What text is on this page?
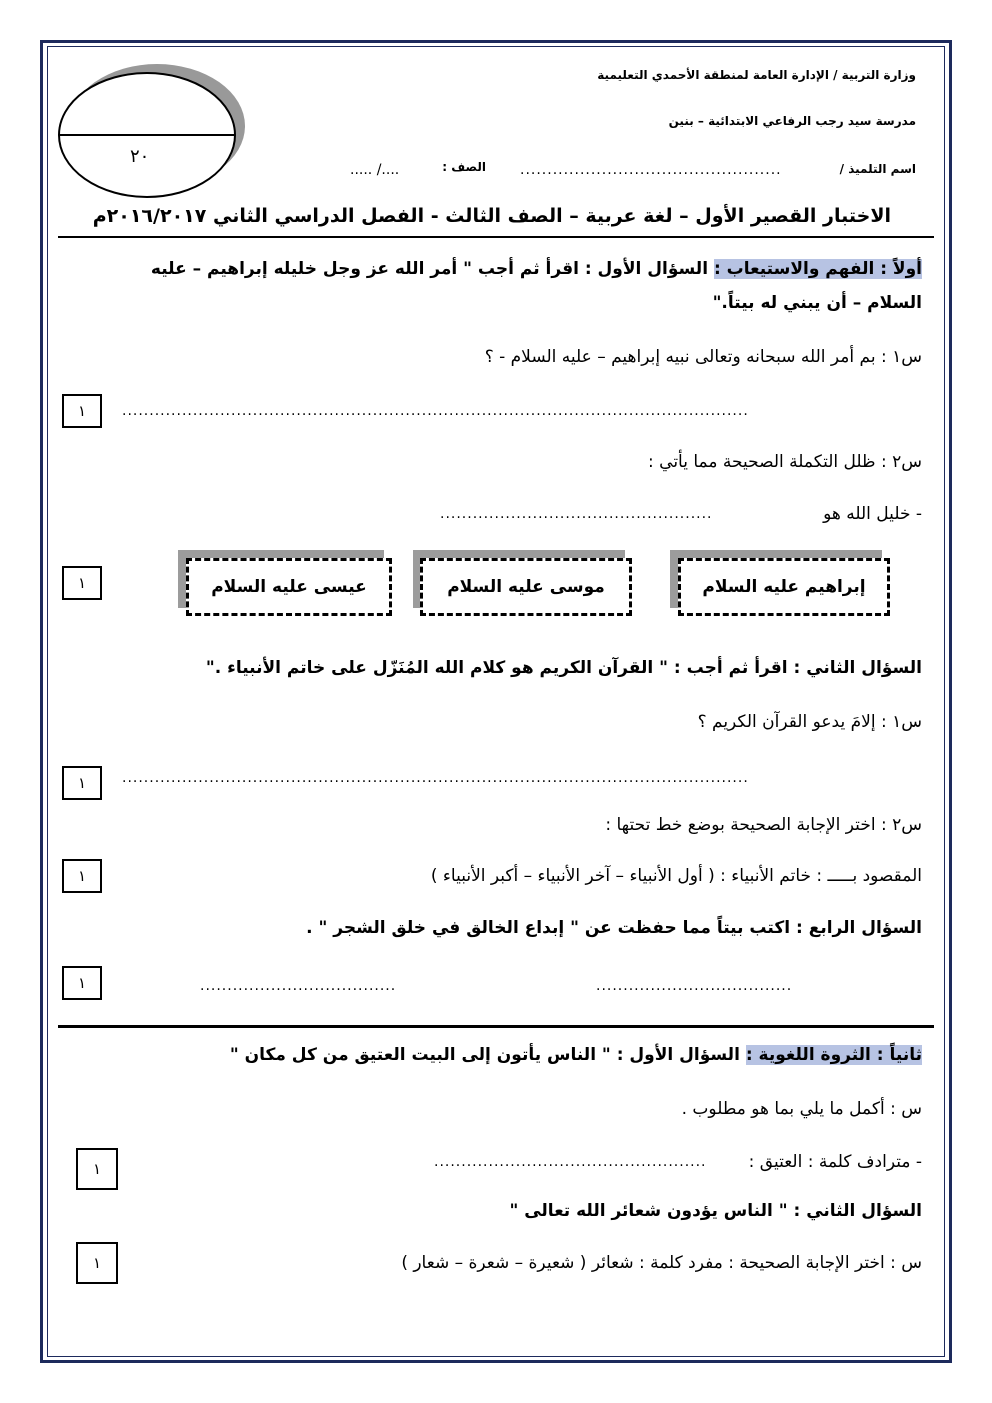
٢٠
وزارة التربية / الإدارة العامة لمنطقة الأحمدي التعليمية
مدرسة سيد رجب الرفاعي الابتدائية – بنين
اسم التلميذ /
................................................
الصف :
..../ .....
الاختبار القصير الأول – لغة عربية – الصف الثالث - الفصل الدراسي الثاني ٢٠١٦/٢٠١٧م
أولاً : الفهم والاستيعاب : السؤال الأول : اقرأ ثم أجب " أمر الله عز وجل خليله إبراهيم – عليه
السلام – أن يبني له بيتاً."
س١ : بم أمر الله سبحانه وتعالى نبيه إبراهيم – عليه السلام - ؟
...................................................................................................................
١
س٢ : ظلل التكملة الصحيحة مما يأتي :
- خليل الله هو
..................................................
إبراهيم عليه السلام
موسى عليه السلام
عيسى عليه السلام
١
السؤال الثاني : اقرأ ثم أجب : " القرآن الكريم هو كلام الله المُنَزّل على خاتم الأنبياء ."
س١ : إلامَ يدعو القرآن الكريم ؟
...................................................................................................................
١
س٢ : اختر الإجابة الصحيحة بوضع خط تحتها :
المقصود بـــــ : خاتم الأنبياء : ( أول الأنبياء – آخر الأنبياء – أكبر الأنبياء )
١
السؤال الرابع : اكتب بيتاً مما حفظت عن " إبداع الخالق في خلق الشجر " .
....................................
....................................
١
ثانياً : الثروة اللغوية : السؤال الأول : " الناس يأتون إلى البيت العتيق من كل مكان "
س : أكمل ما يلي بما هو مطلوب .
- مترادف كلمة : العتيق :
..................................................
١
السؤال الثاني : " الناس يؤدون شعائر الله تعالى "
س : اختر الإجابة الصحيحة : مفرد كلمة : شعائر ( شعيرة – شعرة – شعار )
١
